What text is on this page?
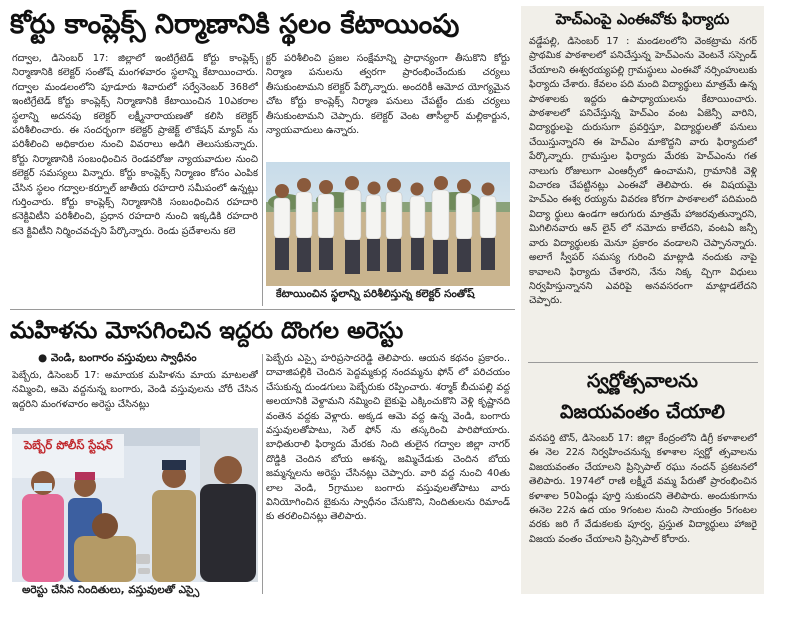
కోర్టు కాంప్లెక్స్ నిర్మాణానికి స్థలం కేటాయింపు

గద్వాల, డిసెంబర్ 17: జిల్లాలో ఇంటిగ్రేటెడ్ కోర్టు కాంప్లెక్స్ నిర్మాణానికి కలెక్టర్ సంతోష్ మంగళవారం స్థలాన్ని కేటాయించారు. గద్వాల మండలంలోని పూడూరు శివారులో సర్వేనెంబర్ 368లో ఇంటిగ్రేటెడ్ కోర్టు కాంప్లెక్స్ నిర్మాణానికి కేటాయించిన 10ఎకరాల స్థలాన్ని అదనపు కలెక్టర్ లక్ష్మీనారాయణతో కలిసి కలెక్టర్ పరిశీలించారు. ఈ సందర్భంగా కలెక్టర్ ప్రాజెక్ట్ లొకేషన్ మ్యాప్ ను పరిశీలించి అధికారుల నుంచి వివరాలు అడిగి తెలుసుకున్నారు. కోర్టు నిర్మాణానికి సంబంధించిన రెండవరోజు న్యాయవాదుల నుంచి కలెక్టర్ సమస్యలు విన్నారు. కోర్టు కాంప్లెక్స్ నిర్మాణం కోసం ఎంపిక చేసిన స్థలం గద్వాల-కర్నూల్ జాతీయ రహదారి సమీపంలో ఉన్నట్లు గుర్తించారు. కోర్టు కాంప్లెక్స్ నిర్మాణానికి సంబంధించిన రహదారి కనెక్టివిటీని పరిశీలించి, ప్రధాన రహదారి నుంచి ఇక్కడికి రహదారి కనె క్టివిటీని నిర్మించవచ్చని పేర్కొన్నారు. రెండు ప్రదేశాలను కలె

క్టర్ పరిశీలించి ప్రజల సంక్షేమాన్ని ప్రాధాన్యంగా తీసుకొని కోర్టు నిర్మాణ పనులను త్వరగా ప్రారంభించేందుకు చర్యలు తీసుకుంటామని కలెక్టర్ పేర్కొన్నారు. అందరికీ ఆమోద యోగ్యమైన చోట కోర్టు కాంప్లెక్స్ నిర్మాణ పనులు చేపట్టేం దుకు చర్యలు తీసుకుంటామని చెప్పారు. కలెక్టర్ వెంట తాసీల్దార్ మల్లికార్జున, న్యాయవాదులు ఉన్నారు.

కేటాయించిన స్థలాన్ని పరిశీలిస్తున్న కలెక్టర్ సంతోష్
మహిళను మోసగించిన ఇద్దరు దొంగల అరెస్టు
● వెండి, బంగారం వస్తువులు స్వాధీనం

పెబ్బేరు, డిసెంబర్ 17: అమాయక మహిళను మాయ మాటలతో నమ్మించి, ఆమె వద్దనున్న బంగారు, వెండి వస్తువులను చోరీ చేసిన ఇద్దరిని మంగళవారం అరెస్టు చేసినట్లు

పెబ్బేరు ఎస్సై హరిప్రసాదరెడ్డి తెలిపారు. ఆయన కథనం ప్రకారం.. దావాజిపల్లికి చెందిన పెద్దమ్మకుర్ల నందమ్మను ఫోన్ లో పరిచయం చేసుకున్న దుండగులు పెబ్బేరుకు రప్పించారు. శర్మాక్ బీచుపల్లి వద్ద అలయానికి వెళ్దామని నమ్మించి బైకుపై ఎక్కించుకొని వెళ్లి కృష్ణానది వంతెన వద్దకు వెళ్లారు. అక్కడ ఆమె వద్ద ఉన్న వెండి, బంగారు వస్తువులతోపాటు, సెల్ ఫోన్ ను తస్కరించి పారిపోయారు. బాధితురాలి ఫిర్యాదు మేరకు నింది తులైన గద్వాల జిల్లా నాగర్ దొడ్డికి చెందిన బోయ ఆశన్న, జమ్మిచేడుకు చెందిన బోయ జమ్మన్నలను అరెస్టు చేసినట్లు చెప్పారు. వారి వద్ద నుంచి 40తు లాల వెండి, 5గ్రాముల బంగారు వస్తువులతోపాటు వారు వినియోగించిన బైకును స్వాధీనం చేసుకొని, నిందితులను రిమాండ్ కు తరలించినట్లు తెలిపారు.

పెబ్బేర్ పోలీస్ స్టేషన్
అరెస్టు చేసిన నిందితులు, వస్తువులతో ఎస్సై
హెచ్ఎంపై ఎంఈవోకు ఫిర్యాదు

వడ్డేపల్లి, డిసెంబర్ 17 : మండలంలోని వెంకట్రామ నగర్ ప్రాథమిక పాఠశాలలో పనిచేస్తున్న హెచ్ఎంను వెంటనే సస్పెండ్ చేయాలని ఈశ్వరయ్యపల్లి గ్రామస్థులు ఎంఈవో నర్సింహులుకు ఫిర్యాదు చేశారు. కేవలం పది మంది విద్యార్థులు మాత్రమే ఉన్న పాఠశాలకు ఇద్దరు ఉపాధ్యాయులను కేటాయించారు. పాఠశాలలో పనిచేస్తున్న హెచ్ఎం వంట ఏజెన్సీ వారిని, విద్యార్థులపై దురుసుగా ప్రవర్తిస్తూ, విద్యార్థులతో పనులు చేయిస్తున్నారని ఈ హెచ్ఎం మాకొద్దని వారు ఫిర్యాదులో పేర్కొన్నారు. గ్రామస్తుల ఫిర్యాదు మేరకు హెచ్ఎంను గత నాలుగు రోజులుగా ఎంఆర్సీలో ఉంచామని, గ్రామానికి వెళ్లి విచారణ చేపట్టినట్లు ఎంఈవో తెలిపారు. ఈ విషయమై హెచ్ఎం ఈశ్వ రయ్యను వివరణ కోరగా పాఠశాలలో పదిమంది విద్యా ర్థులు ఉండగా ఆరుగురు మాత్రమే హాజరవుతున్నారని, మిగిలినవారు ఆన్ లైన్ లో నమోదు కాలేదని, వంటఏ జన్సీ వారు విద్యార్థులకు మెనూ ప్రకారం వండాలని చెప్పానన్నారు. అలాగే స్వీపర్ సమస్య గురించి మాట్లాడి నందుకు నాపై కావాలని ఫిర్యాదు చేశారని, నేను నిక్క చ్చిగా విధులు నిర్వహిస్తున్నానని ఎవరిపై అనవసరంగా మాట్లాడలేదని చెప్పారు.

స్వర్ణోత్సవాలను
విజయవంతం చేయాలి

వనపర్తి టౌన్, డిసెంబర్ 17: జిల్లా కేంద్రంలోని డిగ్రీ కళాశాలలో ఈ నెల 22న నిర్వహించనున్న కళాశాల స్వర్ణో త్సవాలను విజయవంతం చేయాలని ప్రిన్సిపాల్ రఘు నందన్ ప్రకటనలో తెలిపారు. 1974లో రాణి లక్ష్మీదే వమ్మ పేరుతో ప్రారంభించిన కళాశాల 50ఏండ్లు పూర్తి సుకుందని తెలిపారు. అందుకుగాను ఈనెల 22న ఉద యం 9గంటల నుంచి సాయంత్రం 5గంటల వరకు జరి గే వేడుకలకు పూర్వ, ప్రస్తుత విద్యార్థులు హాజరై విజయ వంతం చేయాలని ప్రిన్సిపాల్ కోరారు.
